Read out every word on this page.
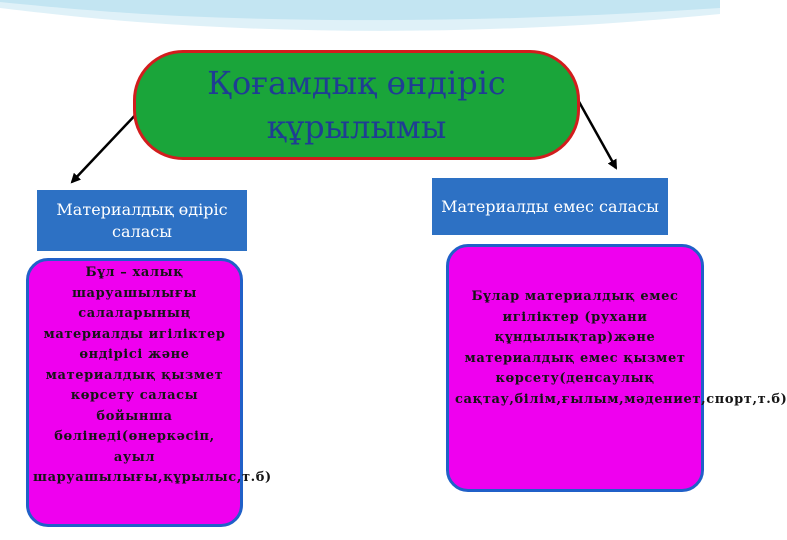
Қоғамдық өндіріс құрылымы
Материалдық өдіріс саласы
Материалды емес саласы
Бұл – халық шаруашылығы салаларының материалды игіліктер өндірісі және материалдық қызмет көрсету саласы бойынша бөлінеді(өнеркәсіп, ауыл шаруашылығы,құрылыс,т.б)
Бұлар материалдық емес игіліктер (рухани құндылықтар)және материалдық емес қызмет көрсету(денсаулық сақтау,білім,ғылым,мәдениет,спорт,т.б)
